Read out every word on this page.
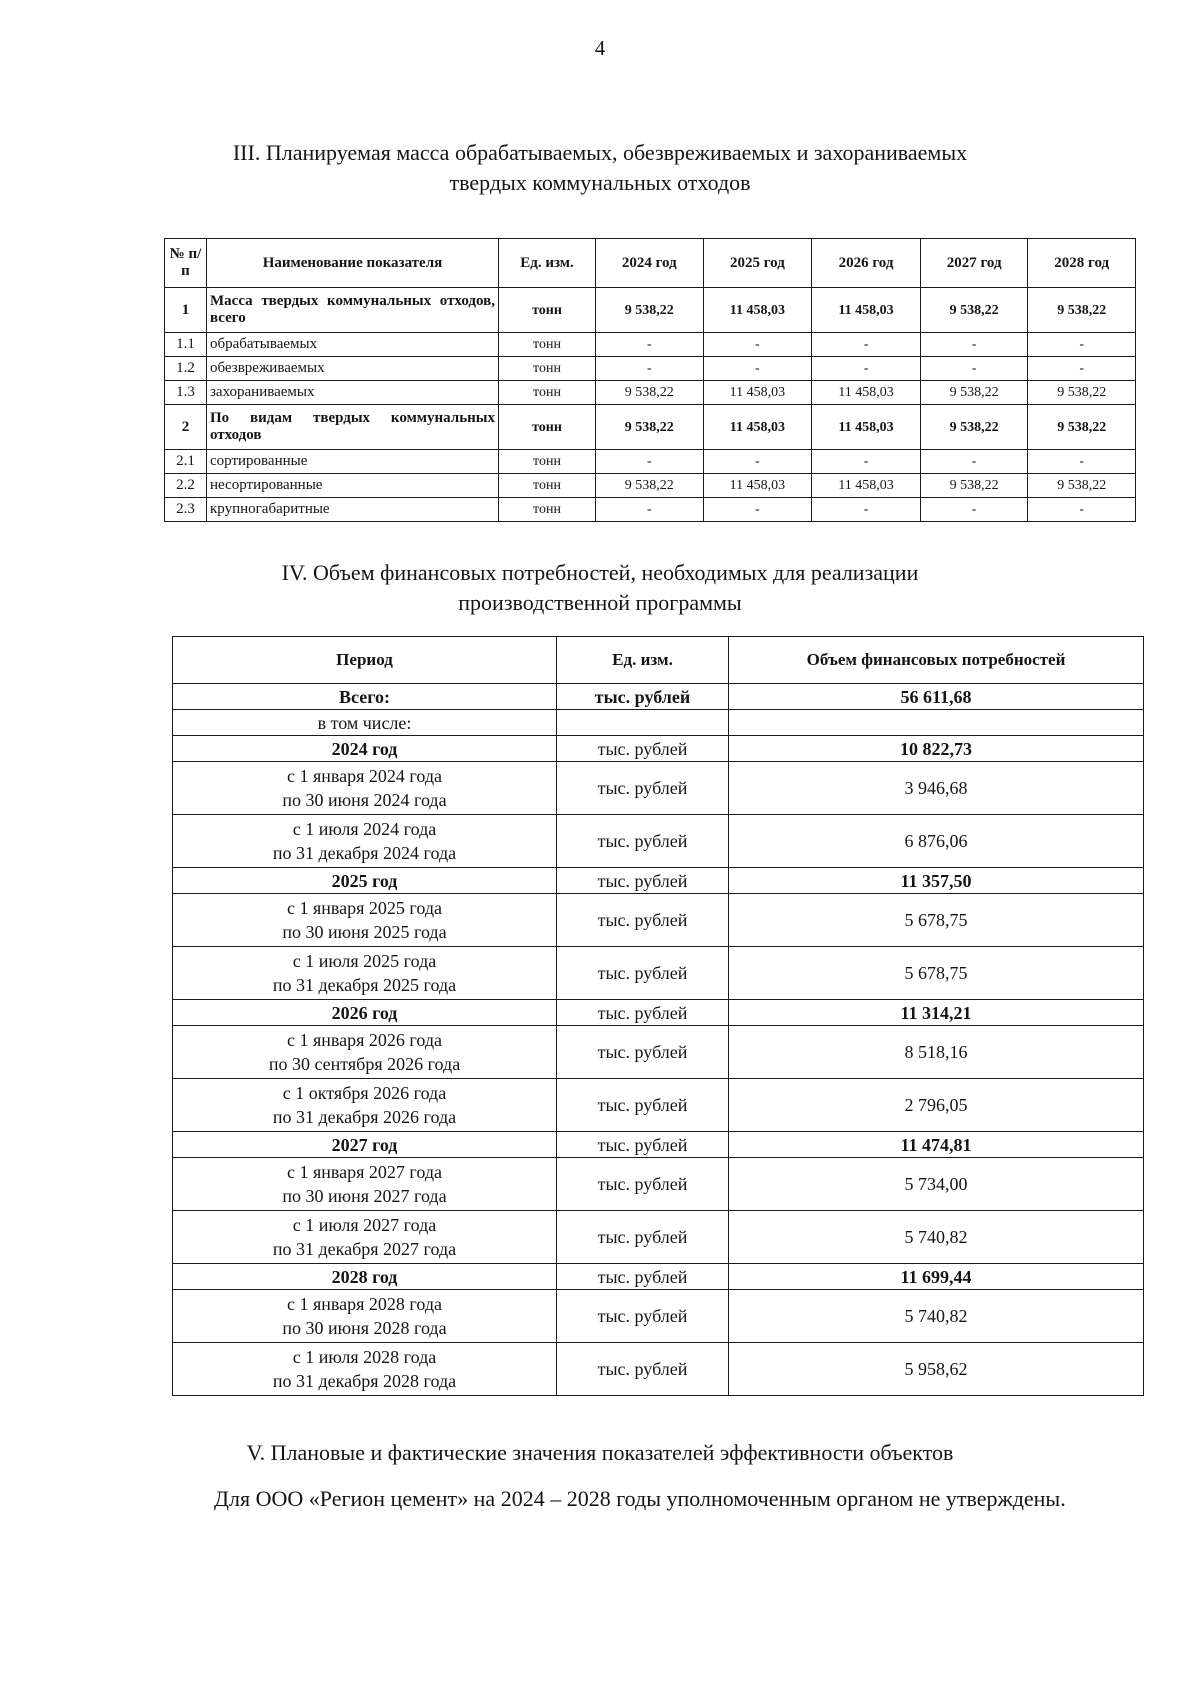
4
III. Планируемая масса обрабатываемых, обезвреживаемых и захораниваемых
твердых коммунальных отходов
№ п/п	Наименование показателя	Ед. изм.	2024 год	2025 год	2026 год	2027 год	2028 год
1	Масса твердых коммунальных отходов, всего	тонн	9 538,22	11 458,03	11 458,03	9 538,22	9 538,22
1.1	обрабатываемых	тонн	-	-	-	-	-
1.2	обезвреживаемых	тонн	-	-	-	-	-
1.3	захораниваемых	тонн	9 538,22	11 458,03	11 458,03	9 538,22	9 538,22
2	По видам твердых коммунальных отходов	тонн	9 538,22	11 458,03	11 458,03	9 538,22	9 538,22
2.1	сортированные	тонн	-	-	-	-	-
2.2	несортированные	тонн	9 538,22	11 458,03	11 458,03	9 538,22	9 538,22
2.3	крупногабаритные	тонн	-	-	-	-	-
IV. Объем финансовых потребностей, необходимых для реализации
производственной программы
Период	Ед. изм.	Объем финансовых потребностей
Всего:	тыс. рублей	56 611,68
в том числе:		
2024 год	тыс. рублей	10 822,73
с 1 января 2024 года
по 30 июня 2024 года	тыс. рублей	3 946,68
с 1 июля 2024 года
по 31 декабря 2024 года	тыс. рублей	6 876,06
2025 год	тыс. рублей	11 357,50
с 1 января 2025 года
по 30 июня 2025 года	тыс. рублей	5 678,75
с 1 июля 2025 года
по 31 декабря 2025 года	тыс. рублей	5 678,75
2026 год	тыс. рублей	11 314,21
с 1 января 2026 года
по 30 сентября 2026 года	тыс. рублей	8 518,16
с 1 октября 2026 года
по 31 декабря 2026 года	тыс. рублей	2 796,05
2027 год	тыс. рублей	11 474,81
с 1 января 2027 года
по 30 июня 2027 года	тыс. рублей	5 734,00
с 1 июля 2027 года
по 31 декабря 2027 года	тыс. рублей	5 740,82
2028 год	тыс. рублей	11 699,44
с 1 января 2028 года
по 30 июня 2028 года	тыс. рублей	5 740,82
с 1 июля 2028 года
по 31 декабря 2028 года	тыс. рублей	5 958,62
V. Плановые и фактические значения показателей эффективности объектов
Для ООО «Регион цемент» на 2024 – 2028 годы уполномоченным органом не утверждены.
